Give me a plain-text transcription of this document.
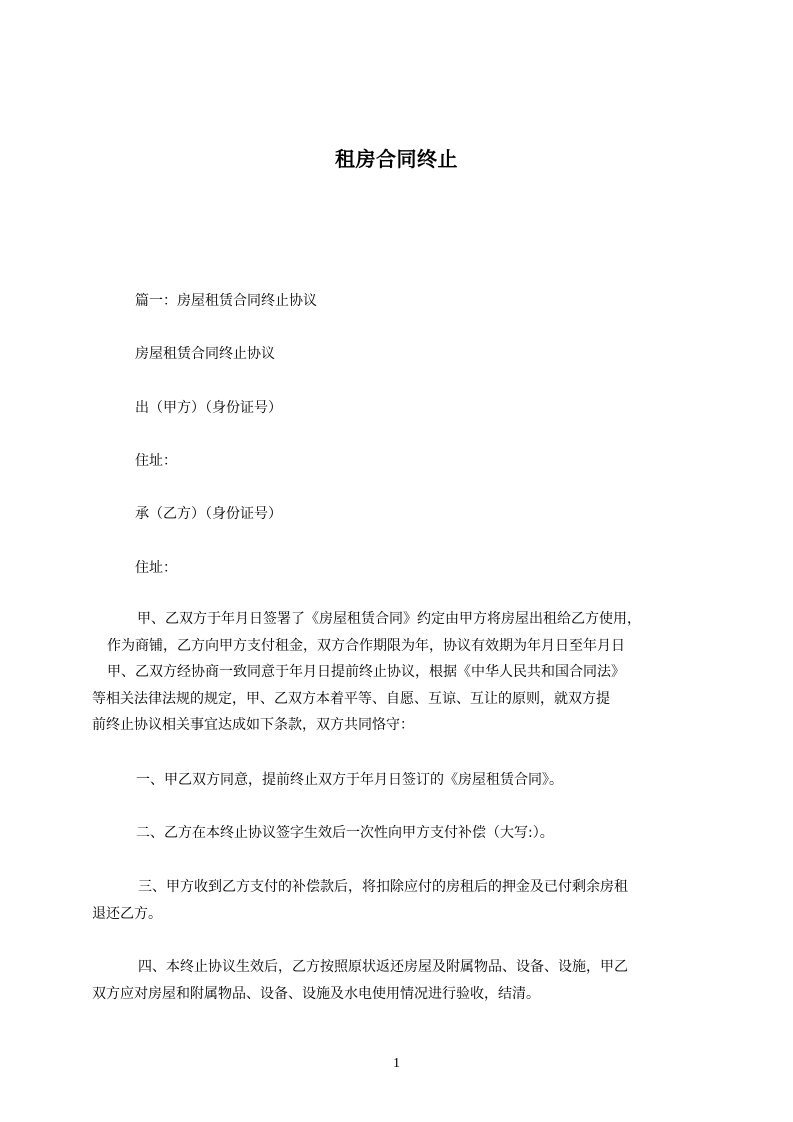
租房合同终止
篇一：房屋租赁合同终止协议
房屋租赁合同终止协议
出（甲方）（身份证号）
住址：
承（乙方）（身份证号）
住址：
甲、乙双方于年月日签署了《房屋租赁合同》约定由甲方将房屋出租给乙方使用，
作为商铺，乙方向甲方支付租金，双方合作期限为年，协议有效期为年月日至年月日
甲、乙双方经协商一致同意于年月日提前终止协议，根据《中华人民共和国合同法》
等相关法律法规的规定，甲、乙双方本着平等、自愿、互谅、互让的原则，就双方提
前终止协议相关事宜达成如下条款，双方共同恪守：
一、甲乙双方同意，提前终止双方于年月日签订的《房屋租赁合同》。
二、乙方在本终止协议签字生效后一次性向甲方支付补偿（大写:）。
三、甲方收到乙方支付的补偿款后，将扣除应付的房租后的押金及已付剩余房租
退还乙方。
四、本终止协议生效后，乙方按照原状返还房屋及附属物品、设备、设施，甲乙
双方应对房屋和附属物品、设备、设施及水电使用情况进行验收，结清。
1
